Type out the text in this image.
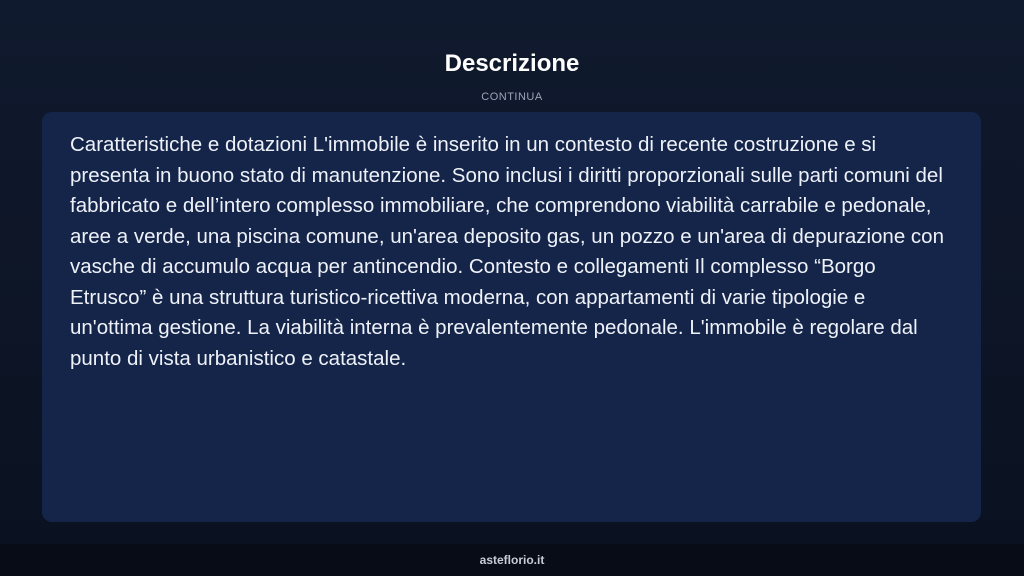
Descrizione
CONTINUA

Caratteristiche e dotazioni L'immobile è inserito in un contesto di recente costruzione e si presenta in buono stato di manutenzione. Sono inclusi i diritti proporzionali sulle parti comuni del fabbricato e dell’intero complesso immobiliare, che comprendono viabilità carrabile e pedonale, aree a verde, una piscina comune, un'area deposito gas, un pozzo e un'area di depurazione con vasche di accumulo acqua per antincendio. Contesto e collegamenti Il complesso “Borgo Etrusco” è una struttura turistico-ricettiva moderna, con appartamenti di varie tipologie e un'ottima gestione. La viabilità interna è prevalentemente pedonale. L'immobile è regolare dal punto di vista urbanistico e catastale.

asteflorio.it
